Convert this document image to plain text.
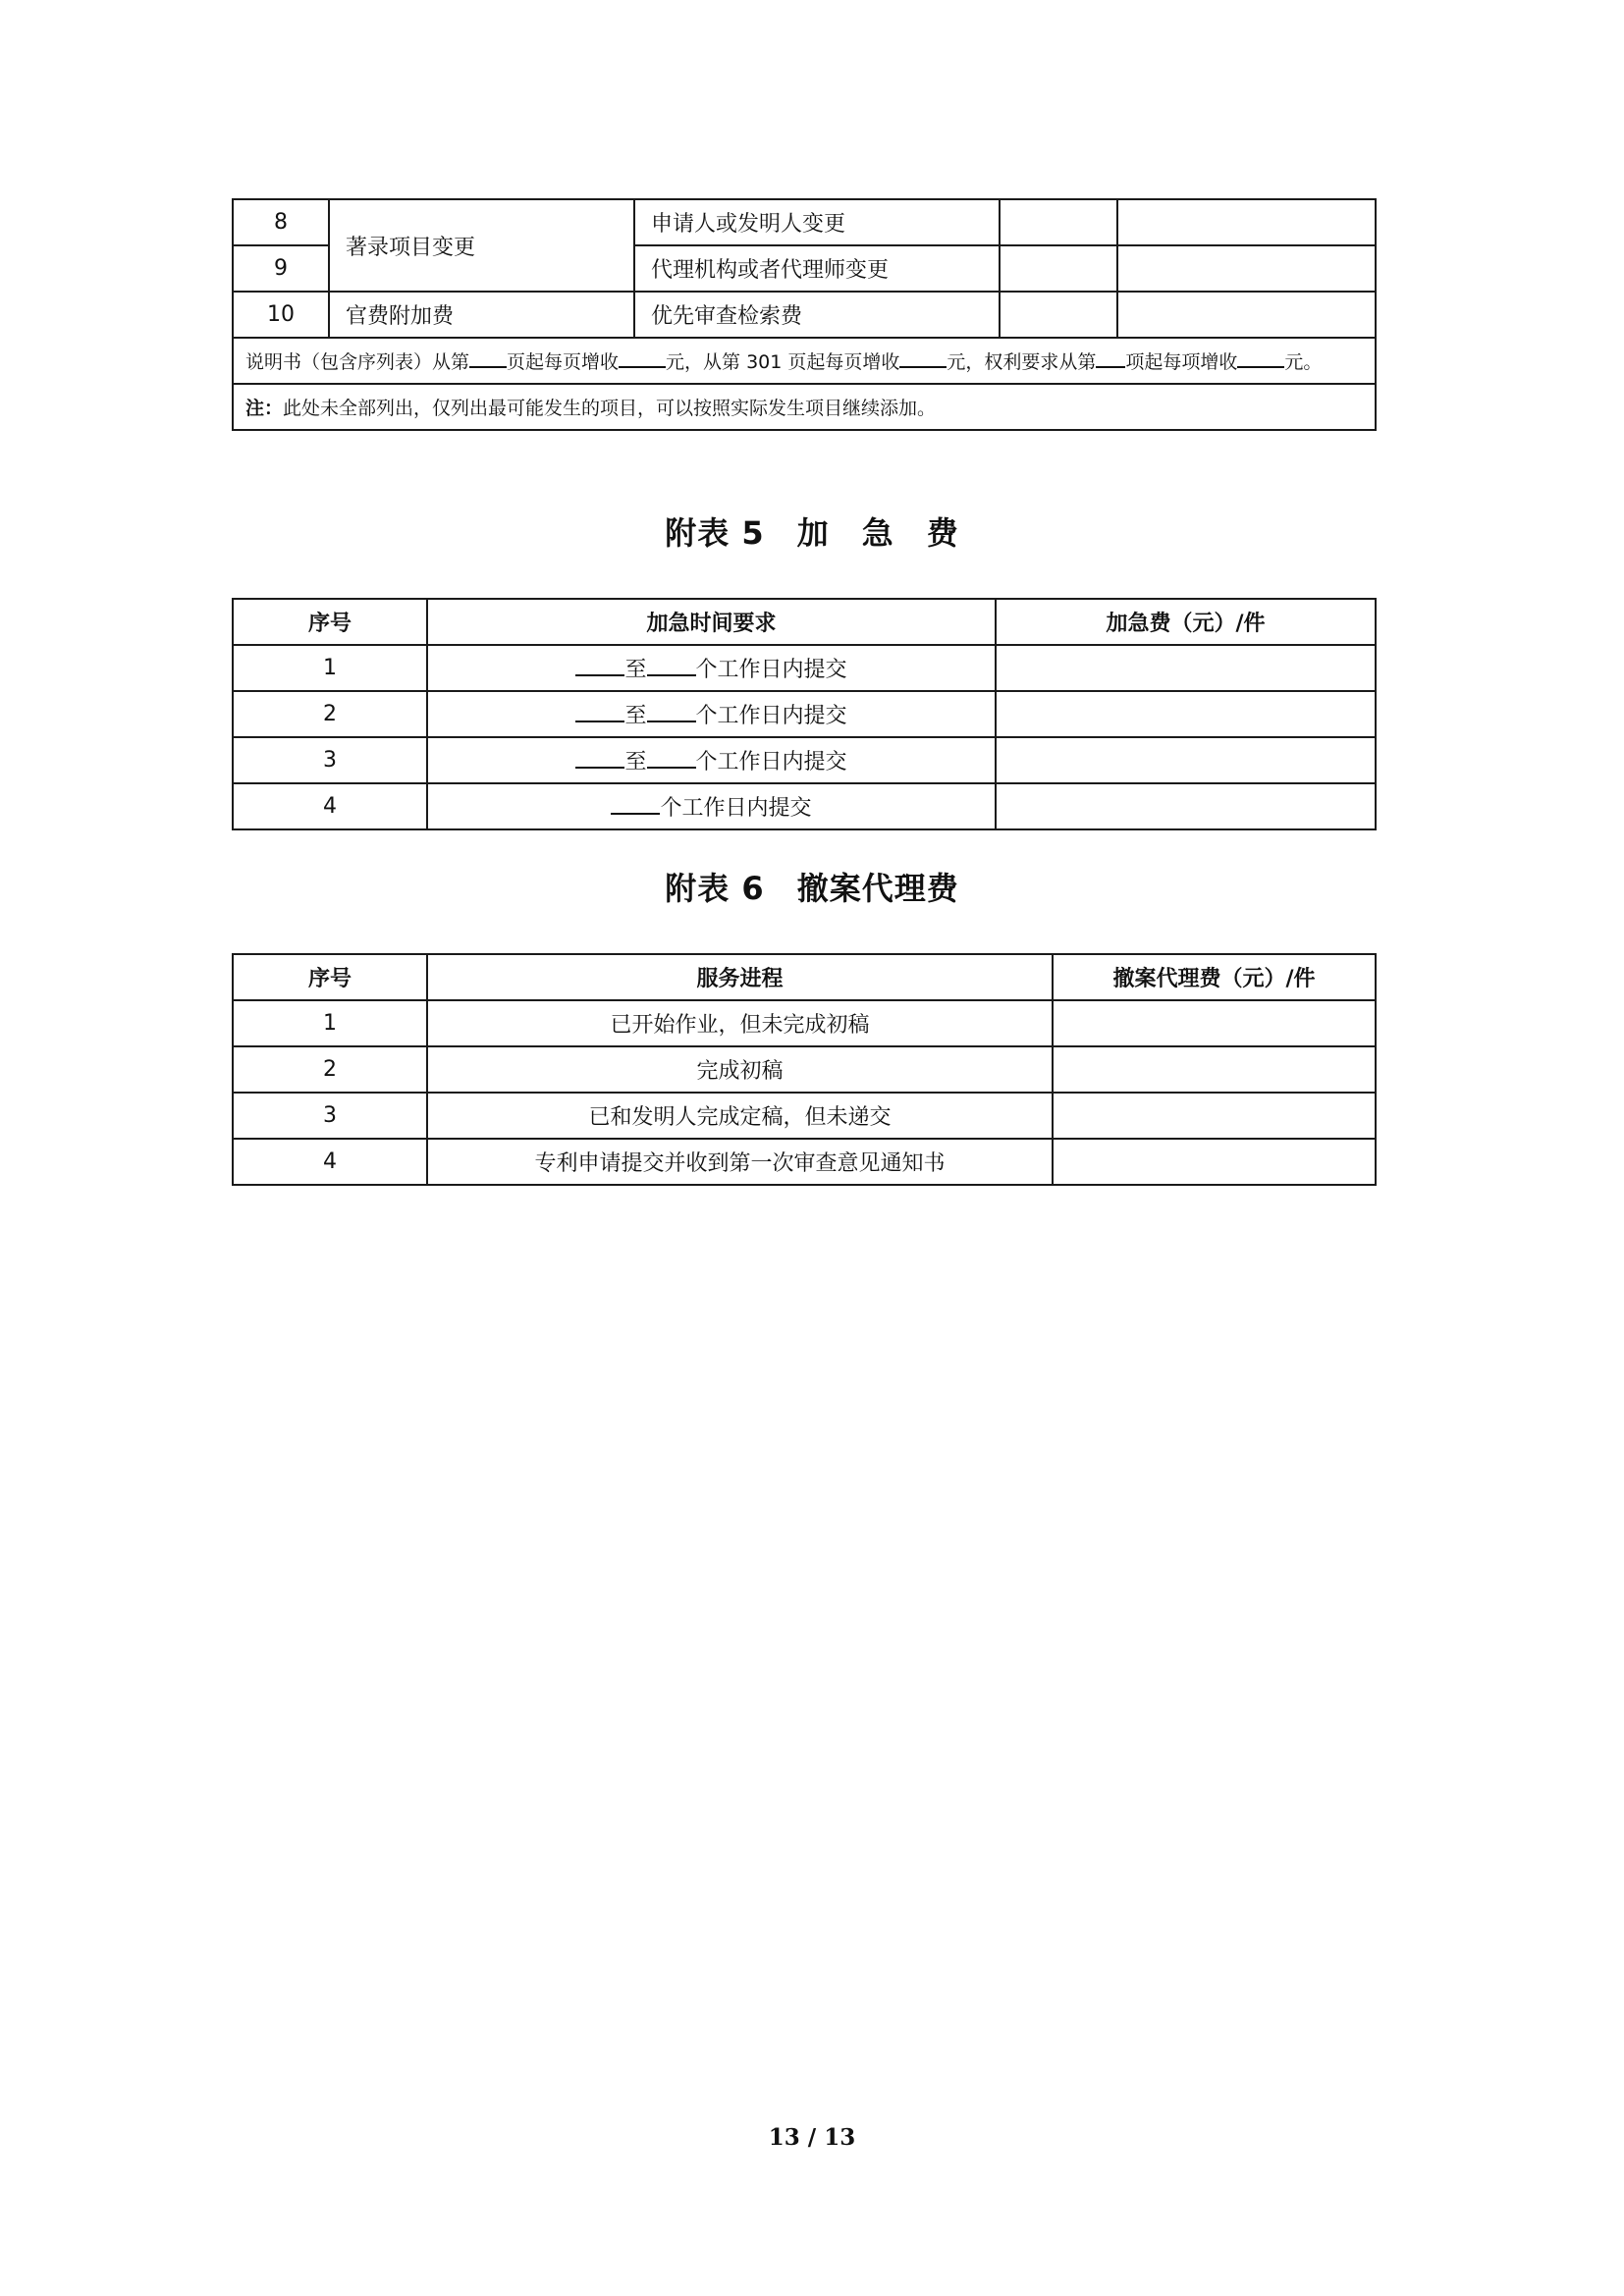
8	著录项目变更	申请人或发明人变更		
9		代理机构或者代理师变更		
10	官费附加费	优先审查检索费		
说明书（包含序列表）从第 页起每页增收 元，从第 301 页起每页增收 元，权利要求从第 项起每项增收 元。				
注：此处未全部列出，仅列出最可能发生的项目，可以按照实际发生项目继续添加。				
附表 5　加　急　费
序号	加急时间要求	加急费（元）/件
1	至 个工作日内提交	
2	至 个工作日内提交	
3	至 个工作日内提交	
4	个工作日内提交	
附表 6　撤案代理费
序号	服务进程	撤案代理费（元）/件
1	已开始作业，但未完成初稿	
2	完成初稿	
3	已和发明人完成定稿，但未递交	
4	专利申请提交并收到第一次审查意见通知书	
13 / 13
